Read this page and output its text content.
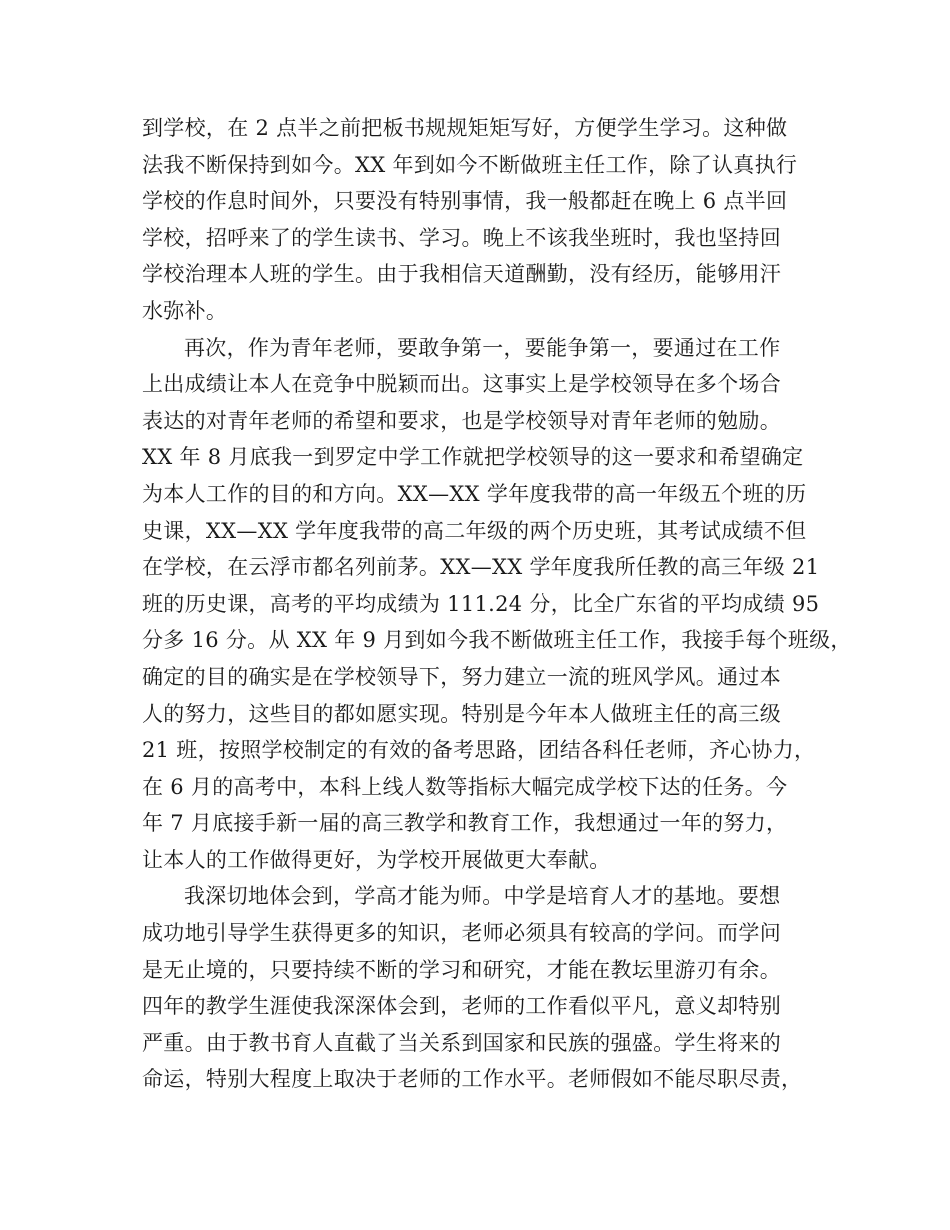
到学校，在 2 点半之前把板书规规矩矩写好，方便学生学习。这种做
法我不断保持到如今。XX 年到如今不断做班主任工作，除了认真执行
学校的作息时间外，只要没有特别事情，我一般都赶在晚上 6 点半回
学校，招呼来了的学生读书、学习。晚上不该我坐班时，我也坚持回
学校治理本人班的学生。由于我相信天道酬勤，没有经历，能够用汗
水弥补。
再次，作为青年老师，要敢争第一，要能争第一，要通过在工作
上出成绩让本人在竞争中脱颖而出。这事实上是学校领导在多个场合
表达的对青年老师的希望和要求，也是学校领导对青年老师的勉励。
XX 年 8 月底我一到罗定中学工作就把学校领导的这一要求和希望确定
为本人工作的目的和方向。XX—XX 学年度我带的高一年级五个班的历
史课，XX—XX 学年度我带的高二年级的两个历史班，其考试成绩不但
在学校，在云浮市都名列前茅。XX—XX 学年度我所任教的高三年级 21
班的历史课，高考的平均成绩为 111.24 分，比全广东省的平均成绩 95
分多 16 分。从 XX 年 9 月到如今我不断做班主任工作，我接手每个班级，
确定的目的确实是在学校领导下，努力建立一流的班风学风。通过本
人的努力，这些目的都如愿实现。特别是今年本人做班主任的高三级
21 班，按照学校制定的有效的备考思路，团结各科任老师，齐心协力，
在 6 月的高考中，本科上线人数等指标大幅完成学校下达的任务。今
年 7 月底接手新一届的高三教学和教育工作，我想通过一年的努力，
让本人的工作做得更好，为学校开展做更大奉献。
我深切地体会到，学高才能为师。中学是培育人才的基地。要想
成功地引导学生获得更多的知识，老师必须具有较高的学问。而学问
是无止境的，只要持续不断的学习和研究，才能在教坛里游刃有余。
四年的教学生涯使我深深体会到，老师的工作看似平凡，意义却特别
严重。由于教书育人直截了当关系到国家和民族的强盛。学生将来的
命运，特别大程度上取决于老师的工作水平。老师假如不能尽职尽责，
